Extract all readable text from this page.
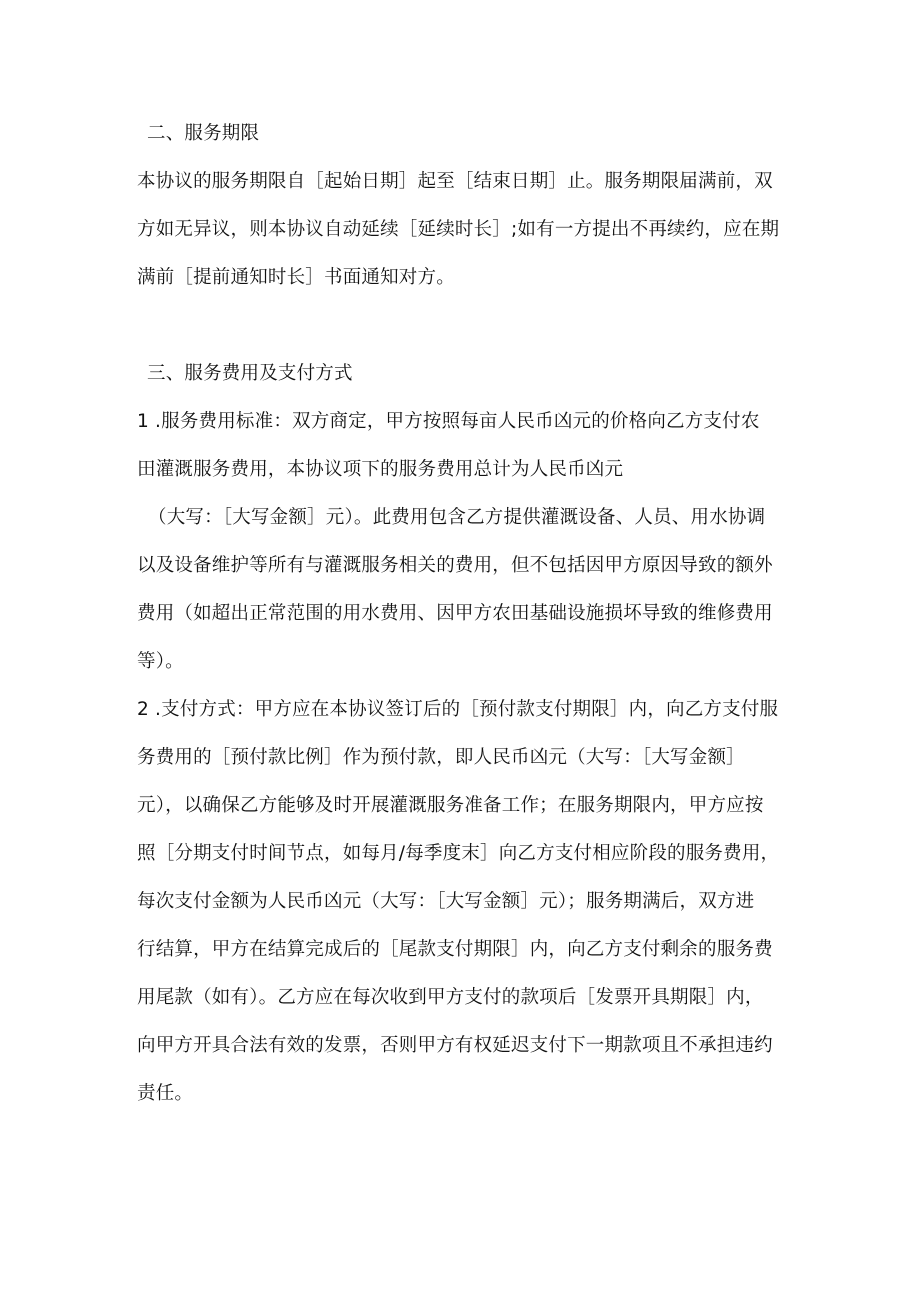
二、服务期限
本协议的服务期限自［起始日期］起至［结束日期］止。服务期限届满前，双
方如无异议，则本协议自动延续［延续时长］;如有一方提出不再续约，应在期
满前［提前通知时长］书面通知对方。
三、服务费用及支付方式
1 .服务费用标准：双方商定，甲方按照每亩人民币凶元的价格向乙方支付农
田灌溉服务费用，本协议项下的服务费用总计为人民币凶元
（大写：［大写金额］元）。此费用包含乙方提供灌溉设备、人员、用水协调
以及设备维护等所有与灌溉服务相关的费用，但不包括因甲方原因导致的额外
费用（如超出正常范围的用水费用、因甲方农田基础设施损坏导致的维修费用
等）。
2 .支付方式：甲方应在本协议签订后的［预付款支付期限］内，向乙方支付服
务费用的［预付款比例］作为预付款，即人民币凶元（大写：［大写金额］
元），以确保乙方能够及时开展灌溉服务准备工作；在服务期限内，甲方应按
照［分期支付时间节点，如每月/每季度末］向乙方支付相应阶段的服务费用，
每次支付金额为人民币凶元（大写：［大写金额］元）；服务期满后，双方进
行结算，甲方在结算完成后的［尾款支付期限］内，向乙方支付剩余的服务费
用尾款（如有）。乙方应在每次收到甲方支付的款项后［发票开具期限］内，
向甲方开具合法有效的发票，否则甲方有权延迟支付下一期款项且不承担违约
责任。
